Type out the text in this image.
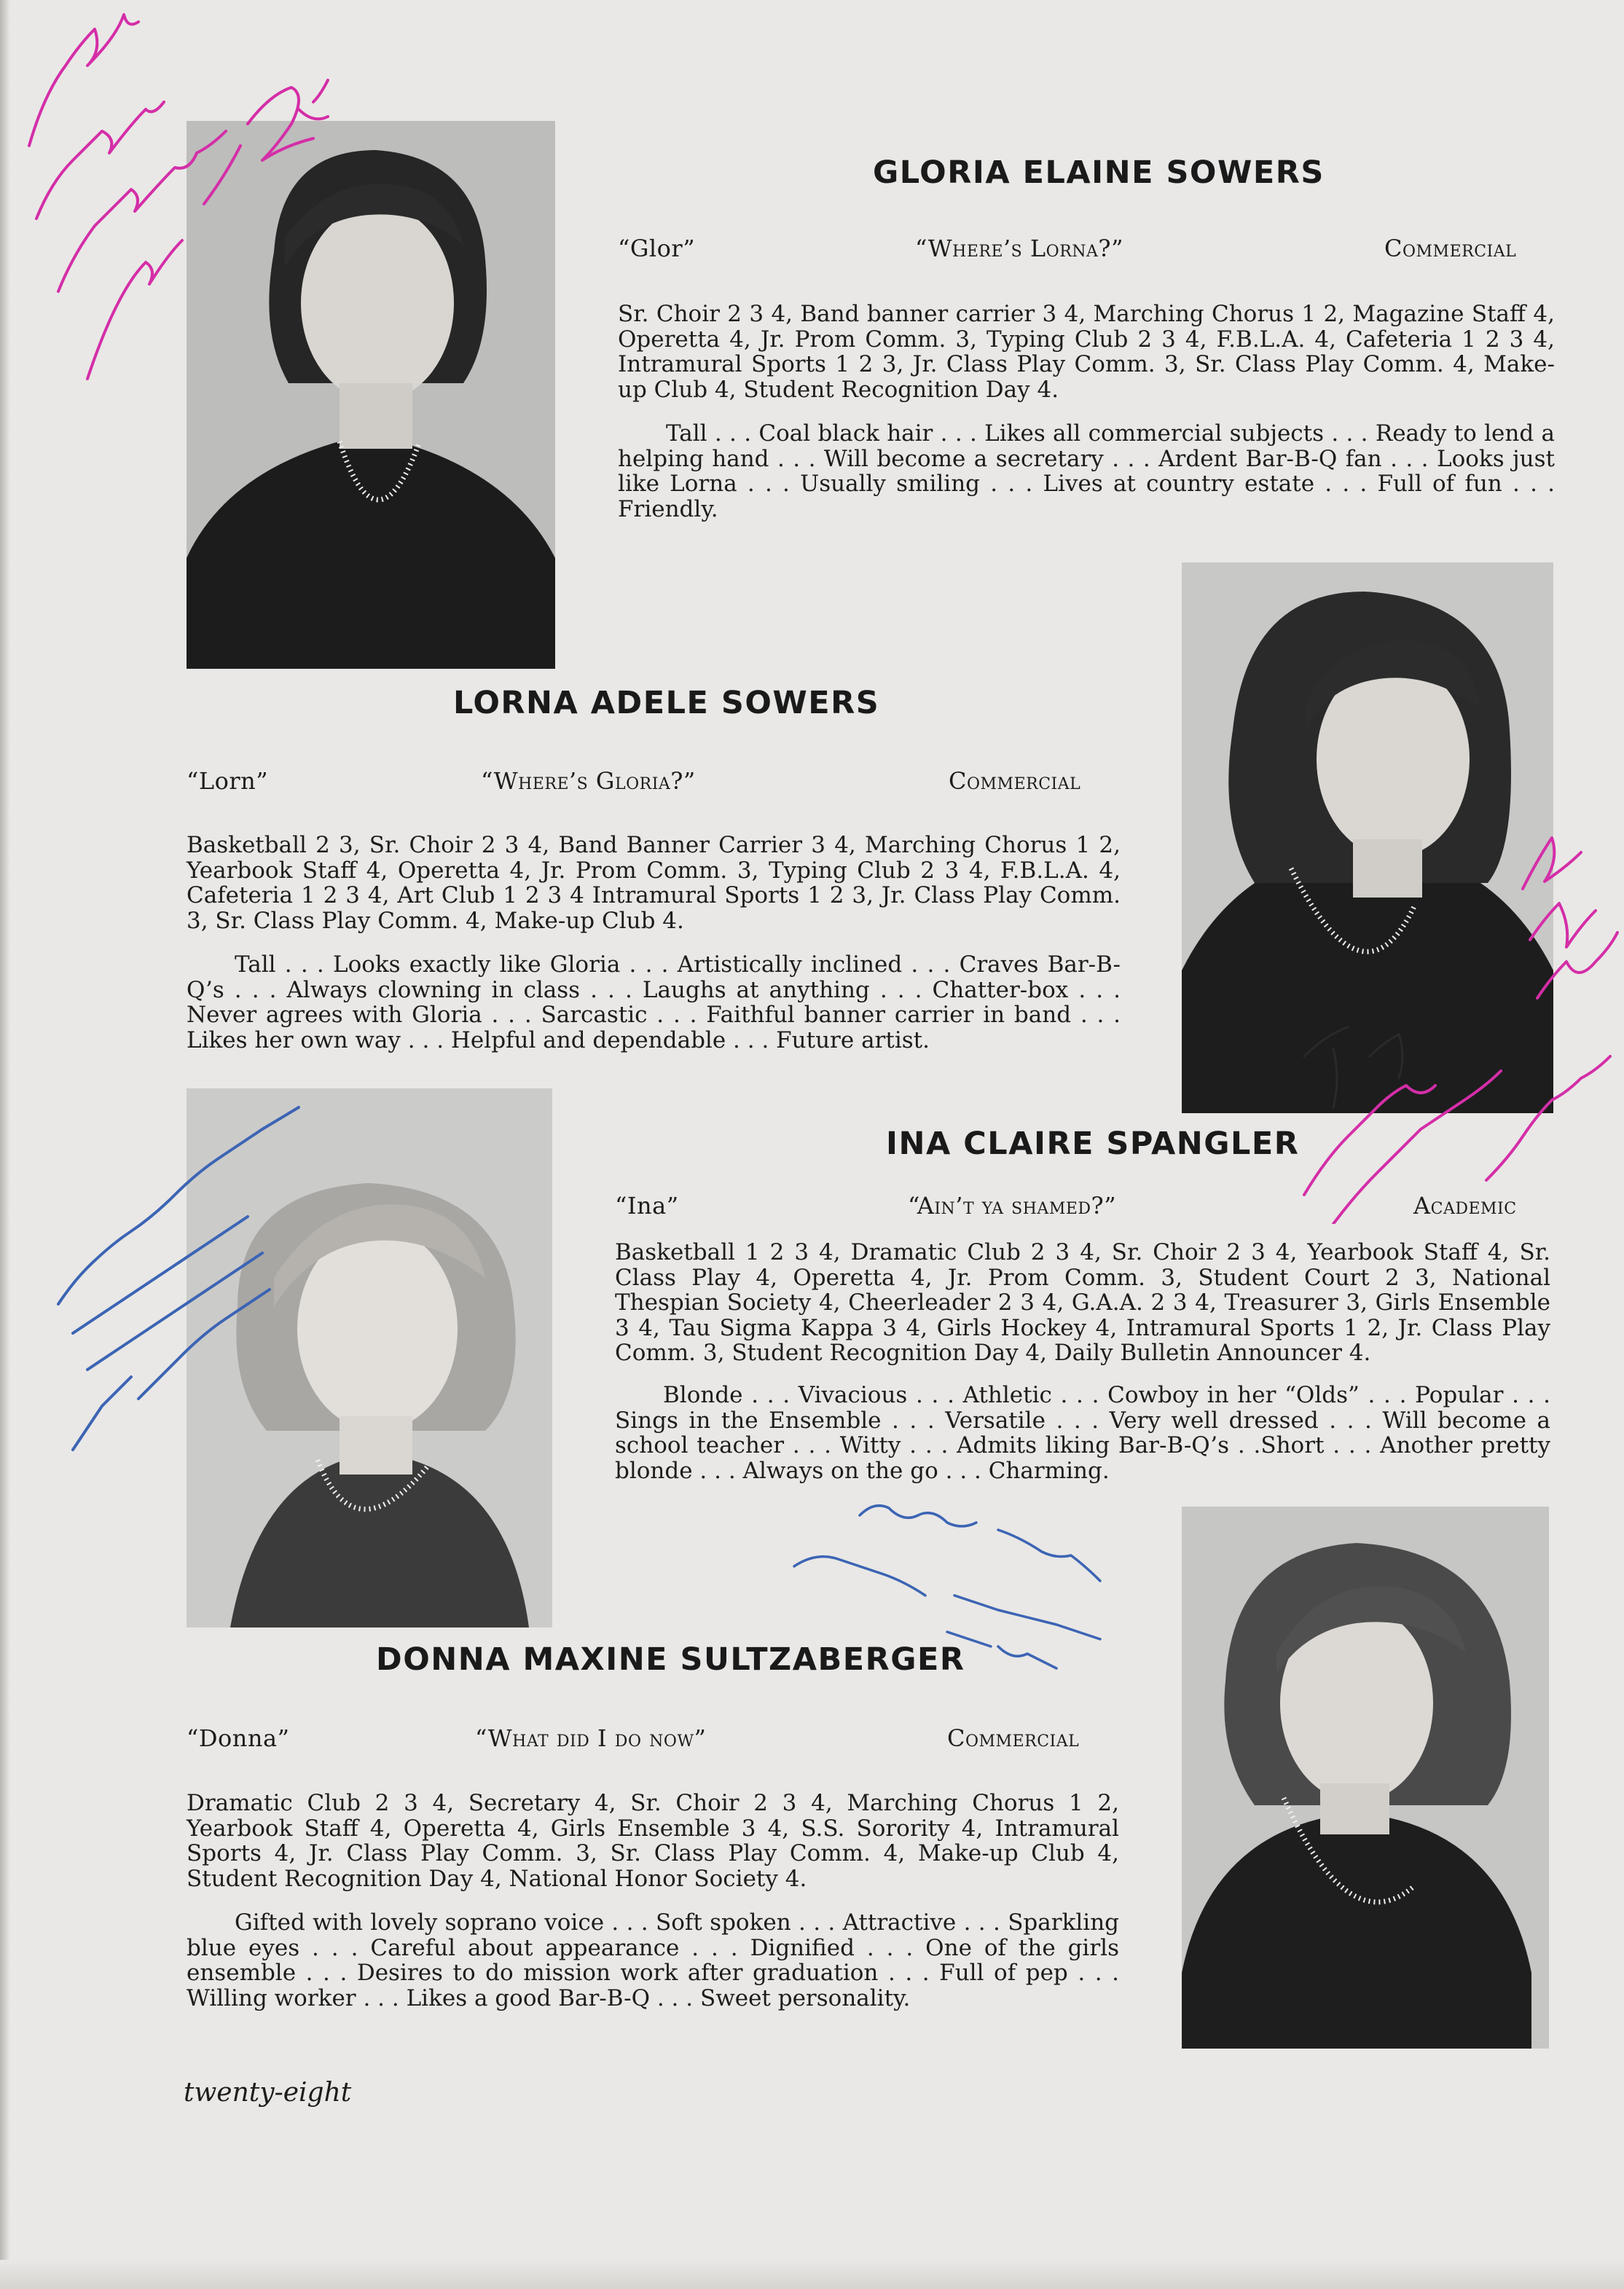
GLORIA ELAINE SOWERS
“Glor”	“Where’s Lorna?”	Commercial

Sr. Choir 2 3 4, Band banner carrier 3 4, Marching Chorus 1 2, Magazine Staff 4, Operetta 4, Jr. Prom Comm. 3, Typing Club 2 3 4, F.B.L.A. 4, Cafeteria 1 2 3 4, Intramural Sports 1 2 3, Jr. Class Play Comm. 3, Sr. Class Play Comm. 4, Make-up Club 4, Student Recognition Day 4.

Tall . . . Coal black hair . . . Likes all commercial subjects . . . Ready to lend a helping hand . . . Will become a secretary . . . Ardent Bar-B-Q fan . . . Looks just like Lorna . . . Usually smiling . . . Lives at country estate . . . Full of fun . . . Friendly.

LORNA ADELE SOWERS
“Lorn”	“Where’s Gloria?”	Commercial

Basketball 2 3, Sr. Choir 2 3 4, Band Banner Carrier 3 4, Marching Chorus 1 2, Yearbook Staff 4, Operetta 4, Jr. Prom Comm. 3, Typing Club 2 3 4, F.B.L.A. 4, Cafeteria 1 2 3 4, Art Club 1 2 3 4 Intramural Sports 1 2 3, Jr. Class Play Comm. 3, Sr. Class Play Comm. 4, Make-up Club 4.

Tall . . . Looks exactly like Gloria . . . Artistically inclined . . . Craves Bar-B-Q’s . . . Always clowning in class . . . Laughs at anything . . . Chatter-box . . . Never agrees with Gloria . . . Sarcastic . . . Faithful banner carrier in band . . . Likes her own way . . . Helpful and dependable . . . Future artist.

INA CLAIRE SPANGLER
“Ina”	“Ain’t ya shamed?”	Academic

Basketball 1 2 3 4, Dramatic Club 2 3 4, Sr. Choir 2 3 4, Yearbook Staff 4, Sr. Class Play 4, Operetta 4, Jr. Prom Comm. 3, Student Court 2 3, National Thespian Society 4, Cheerleader 2 3 4, G.A.A. 2 3 4, Treasurer 3, Girls Ensemble 3 4, Tau Sigma Kappa 3 4, Girls Hockey 4, Intramural Sports 1 2, Jr. Class Play Comm. 3, Student Recognition Day 4, Daily Bulletin Announcer 4.

Blonde . . . Vivacious . . . Athletic . . . Cowboy in her “Olds” . . . Popular . . . Sings in the Ensemble . . . Versatile . . . Very well dressed . . . Will become a school teacher . . . Witty . . . Admits liking Bar-B-Q’s . .Short . . . Another pretty blonde . . . Always on the go . . . Charming.

DONNA MAXINE SULTZABERGER
“Donna”	“What did I do now”	Commercial

Dramatic Club 2 3 4, Secretary 4, Sr. Choir 2 3 4, Marching Chorus 1 2, Yearbook Staff 4, Operetta 4, Girls Ensemble 3 4, S.S. Sorority 4, Intramural Sports 4, Jr. Class Play Comm. 3, Sr. Class Play Comm. 4, Make-up Club 4, Student Recognition Day 4, National Honor Society 4.

Gifted with lovely soprano voice . . . Soft spoken . . . Attractive . . . Sparkling blue eyes . . . Careful about appearance . . . Dignified . . . One of the girls ensemble . . . Desires to do mission work after graduation . . . Full of pep . . . Willing worker . . . Likes a good Bar-B-Q . . . Sweet personality.

twenty-eight
